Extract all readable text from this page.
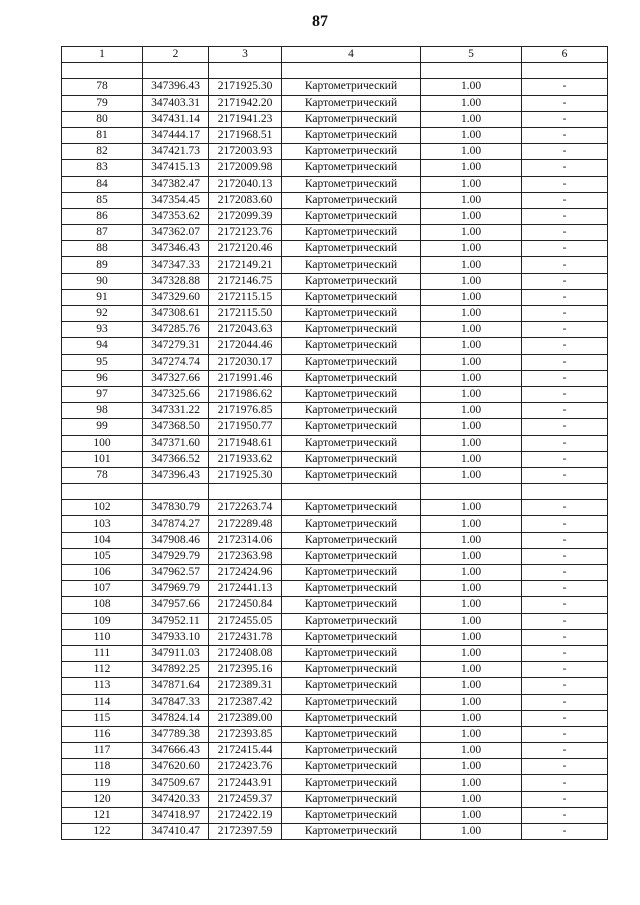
87
1	2	3	4	5	6

78	347396.43	2171925.30	Картометрический	1.00	-
79	347403.31	2171942.20	Картометрический	1.00	-
80	347431.14	2171941.23	Картометрический	1.00	-
81	347444.17	2171968.51	Картометрический	1.00	-
82	347421.73	2172003.93	Картометрический	1.00	-
83	347415.13	2172009.98	Картометрический	1.00	-
84	347382.47	2172040.13	Картометрический	1.00	-
85	347354.45	2172083.60	Картометрический	1.00	-
86	347353.62	2172099.39	Картометрический	1.00	-
87	347362.07	2172123.76	Картометрический	1.00	-
88	347346.43	2172120.46	Картометрический	1.00	-
89	347347.33	2172149.21	Картометрический	1.00	-
90	347328.88	2172146.75	Картометрический	1.00	-
91	347329.60	2172115.15	Картометрический	1.00	-
92	347308.61	2172115.50	Картометрический	1.00	-
93	347285.76	2172043.63	Картометрический	1.00	-
94	347279.31	2172044.46	Картометрический	1.00	-
95	347274.74	2172030.17	Картометрический	1.00	-
96	347327.66	2171991.46	Картометрический	1.00	-
97	347325.66	2171986.62	Картометрический	1.00	-
98	347331.22	2171976.85	Картометрический	1.00	-
99	347368.50	2171950.77	Картометрический	1.00	-
100	347371.60	2171948.61	Картометрический	1.00	-
101	347366.52	2171933.62	Картометрический	1.00	-
78	347396.43	2171925.30	Картометрический	1.00	-

102	347830.79	2172263.74	Картометрический	1.00	-
103	347874.27	2172289.48	Картометрический	1.00	-
104	347908.46	2172314.06	Картометрический	1.00	-
105	347929.79	2172363.98	Картометрический	1.00	-
106	347962.57	2172424.96	Картометрический	1.00	-
107	347969.79	2172441.13	Картометрический	1.00	-
108	347957.66	2172450.84	Картометрический	1.00	-
109	347952.11	2172455.05	Картометрический	1.00	-
110	347933.10	2172431.78	Картометрический	1.00	-
111	347911.03	2172408.08	Картометрический	1.00	-
112	347892.25	2172395.16	Картометрический	1.00	-
113	347871.64	2172389.31	Картометрический	1.00	-
114	347847.33	2172387.42	Картометрический	1.00	-
115	347824.14	2172389.00	Картометрический	1.00	-
116	347789.38	2172393.85	Картометрический	1.00	-
117	347666.43	2172415.44	Картометрический	1.00	-
118	347620.60	2172423.76	Картометрический	1.00	-
119	347509.67	2172443.91	Картометрический	1.00	-
120	347420.33	2172459.37	Картометрический	1.00	-
121	347418.97	2172422.19	Картометрический	1.00	-
122	347410.47	2172397.59	Картометрический	1.00	-
